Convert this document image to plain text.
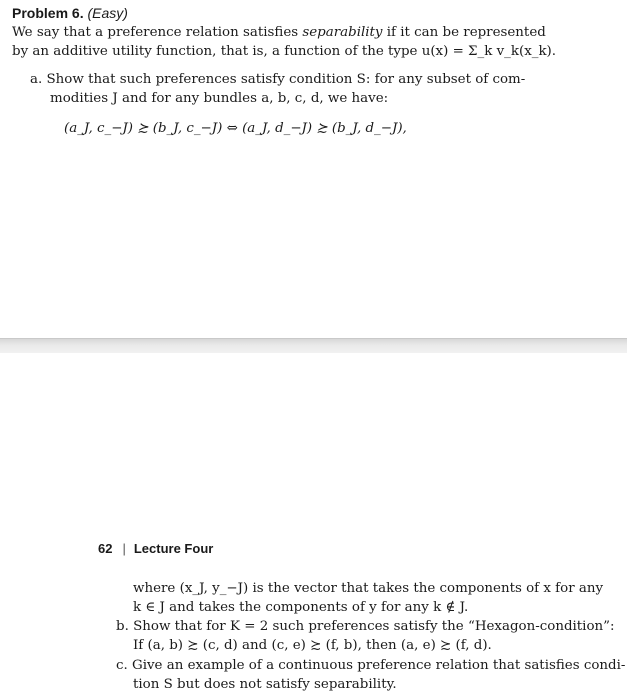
Problem 6. (Easy)
We say that a preference relation satisfies separability if it can be represented
by an additive utility function, that is, a function of the type u(x) = Σ_k v_k(x_k).
a. Show that such preferences satisfy condition S: for any subset of com-
modities J and for any bundles a, b, c, d, we have:
(a_J, c_−J) ≿ (b_J, c_−J) ⇔ (a_J, d_−J) ≿ (b_J, d_−J),
62 | Lecture Four
where (x_J, y_−J) is the vector that takes the components of x for any
k ∈ J and takes the components of y for any k ∉ J.
b. Show that for K = 2 such preferences satisfy the “Hexagon-condition”:
If (a, b) ≿ (c, d) and (c, e) ≿ (f, b), then (a, e) ≿ (f, d).
c. Give an example of a continuous preference relation that satisfies condi-
tion S but does not satisfy separability.
